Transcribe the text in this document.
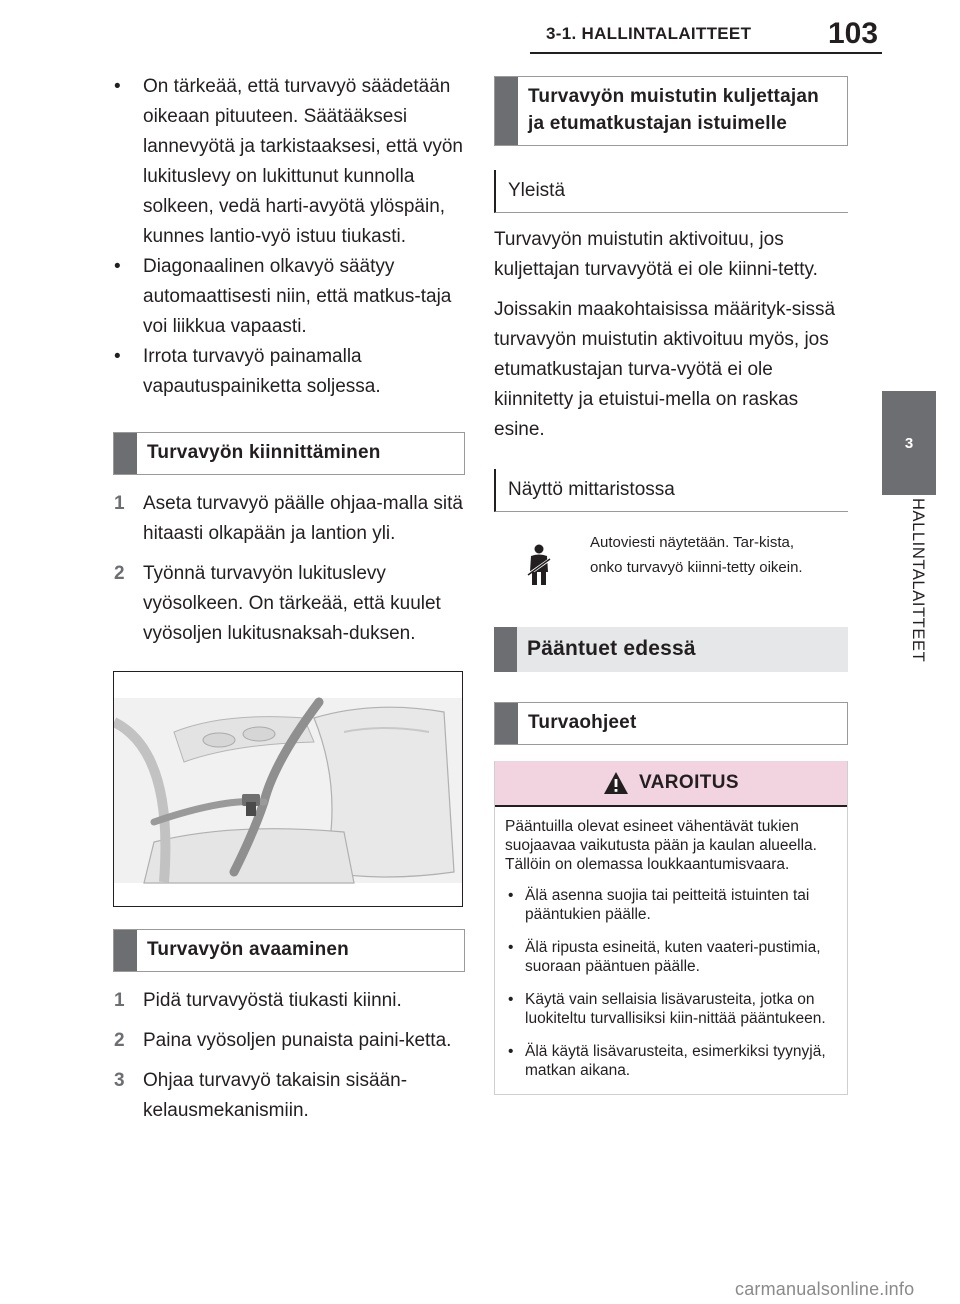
3-1. HALLINTALAITTEET	103
3
HALLINTALAITTEET
• On tärkeää, että turvavyö säädetään oikeaan pituuteen. Säätääksesi lannevyötä ja tarkistaaksesi, että vyön lukituslevy on lukittunut kunnolla solkeen, vedä harti-avyötä ylöspäin, kunnes lantio-vyö istuu tiukasti.
• Diagonaalinen olkavyö säätyy automaattisesti niin, että matkus-taja voi liikkua vapaasti.
• Irrota turvavyö painamalla vapautuspainiketta soljessa.
Turvavyön kiinnittäminen
1 Aseta turvavyö päälle ohjaa-malla sitä hitaasti olkapään ja lantion yli.
2 Työnnä turvavyön lukituslevy vyösolkeen. On tärkeää, että kuulet vyösoljen lukitusnaksah-duksen.
Turvavyön avaaminen
1 Pidä turvavyöstä tiukasti kiinni.
2 Paina vyösoljen punaista paini-ketta.
3 Ohjaa turvavyö takaisin sisään-kelausmekanismiin.
Turvavyön muistutin kuljettajan ja etumatkustajan istuimelle
Yleistä
Turvavyön muistutin aktivoituu, jos kuljettajan turvavyötä ei ole kiinni-tetty.
Joissakin maakohtaisissa määrityk-sissä turvavyön muistutin aktivoituu myös, jos etumatkustajan turva-vyötä ei ole kiinnitetty ja etuistui-mella on raskas esine.
Näyttö mittaristossa
Autoviesti näytetään. Tar-kista, onko turvavyö kiinni-tetty oikein.
Pääntuet edessä
Turvaohjeet
VAROITUS

Pääntuilla olevat esineet vähentävät tukien suojaavaa vaikutusta pään ja kaulan alueella. Tällöin on olemassa loukkaantumisvaara.

• Älä asenna suojia tai peitteitä istuinten tai pääntukien päälle.
• Älä ripusta esineitä, kuten vaateri-pustimia, suoraan pääntuen päälle.
• Käytä vain sellaisia lisävarusteita, jotka on luokiteltu turvallisiksi kiin-nittää pääntukeen.
• Älä käytä lisävarusteita, esimerkiksi tyynyjä, matkan aikana.
carmanualsonline.info
